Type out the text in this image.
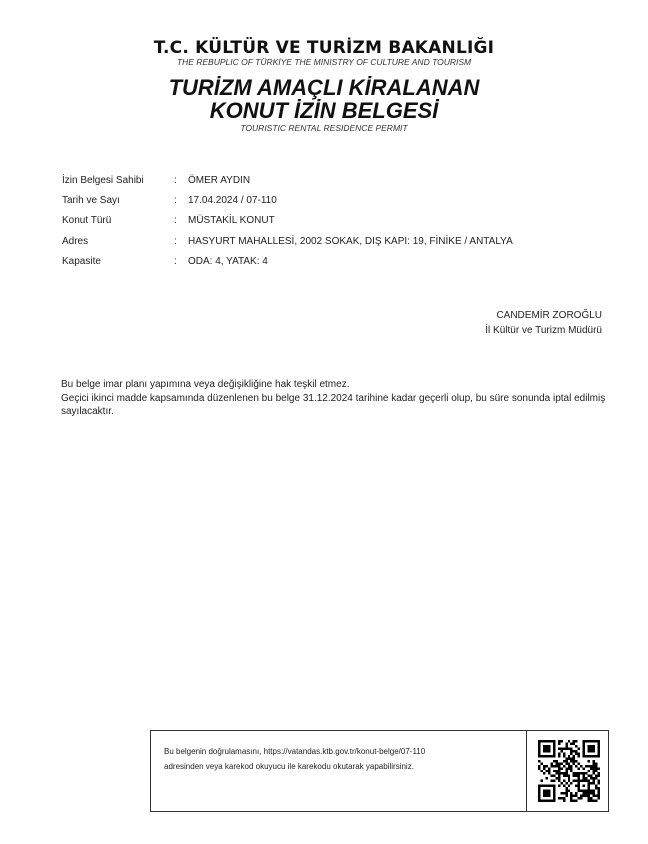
T.C. KÜLTÜR VE TURİZM BAKANLIĞI
THE REBUPLIC OF TÜRKİYE THE MINISTRY OF CULTURE AND TOURISM
TURİZM AMAÇLI KİRALANAN
KONUT İZİN BELGESİ
TOURISTIC RENTAL RESIDENCE PERMIT
İzin Belgesi Sahibi	:	ÖMER AYDIN
Tarih ve Sayı	:	17.04.2024 / 07-110
Konut Türü	:	MÜSTAKİL KONUT
Adres	:	HASYURT MAHALLESİ, 2002 SOKAK, DIŞ KAPI: 19, FİNİKE / ANTALYA
Kapasite	:	ODA: 4, YATAK: 4
CANDEMİR ZOROĞLU
İl Kültür ve Turizm Müdürü

Bu belge imar planı yapımına veya değişikliğine hak teşkil etmez.

Geçici ikinci madde kapsamında düzenlenen bu belge 31.12.2024 tarihine kadar geçerli olup, bu süre sonunda iptal edilmiş sayılacaktır.

Bu belgenin doğrulamasını, https://vatandas.ktb.gov.tr/konut-belge/07-110
adresinden veya karekod okuyucu ile karekodu okutarak yapabilirsiniz.
